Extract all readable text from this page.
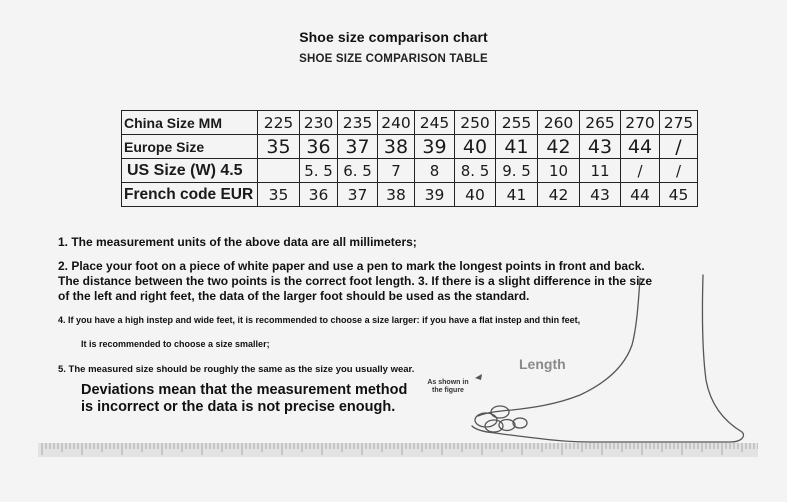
Shoe size comparison chart
SHOE SIZE COMPARISON TABLE
China Size MM	225	230	235	240	245	250	255	260	265	270	275
Europe Size	35	36	37	38	39	40	41	42	43	44	/
US Size (W) 4.5		5. 5	6. 5	7	8	8. 5	9. 5	10	11	/	/
French code EUR	35	36	37	38	39	40	41	42	43	44	45
1. The measurement units of the above data are all millimeters;
2. Place your foot on a piece of white paper and use a pen to mark the longest points in front and back. The distance between the two points is the correct foot length. 3. If there is a slight difference in the size of the left and right feet, the data of the larger foot should be used as the standard.
4. If you have a high instep and wide feet, it is recommended to choose a size larger: if you have a flat instep and thin feet,
It is recommended to choose a size smaller;
5. The measured size should be roughly the same as the size you usually wear.
Deviations mean that the measurement method is incorrect or the data is not precise enough.
Length
As shown in the figure
